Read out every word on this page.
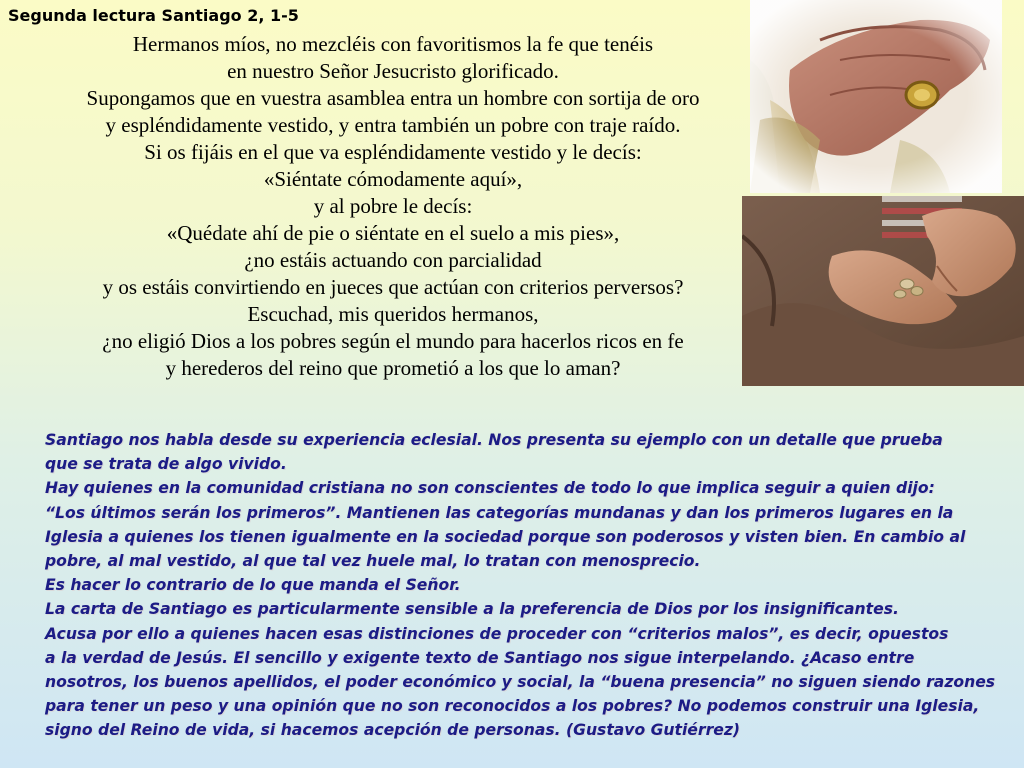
Segunda lectura Santiago 2, 1-5
Hermanos míos, no mezcléis con favoritismos la fe que tenéis
en nuestro Señor Jesucristo glorificado.
Supongamos que en vuestra asamblea entra un hombre con sortija de oro
y espléndidamente vestido, y entra también un pobre con traje raído.
Si os fijáis en el que va espléndidamente vestido y le decís:
«Siéntate cómodamente aquí»,
y al pobre le decís:
«Quédate ahí de pie o siéntate en el suelo a mis pies»,
¿no estáis actuando con parcialidad
y os estáis convirtiendo en jueces que actúan con criterios perversos?
Escuchad, mis queridos hermanos,
¿no eligió Dios a los pobres según el mundo para hacerlos ricos en fe
y herederos del reino que prometió a los que lo aman?
Santiago nos habla desde su experiencia eclesial. Nos presenta su ejemplo con un detalle que prueba
que se trata de algo vivido.
Hay quienes en la comunidad cristiana no son conscientes de todo lo que implica seguir a quien dijo:
“Los últimos serán los primeros”. Mantienen las categorías mundanas y dan los primeros lugares en la
Iglesia a quienes los tienen igualmente en la sociedad porque son poderosos y visten bien. En cambio al
pobre, al mal vestido, al que tal vez huele mal, lo tratan con menosprecio.
Es hacer lo contrario de lo que manda el Señor.
La carta de Santiago es particularmente sensible a la preferencia de Dios por los insignificantes.
Acusa por ello a quienes hacen esas distinciones de proceder con “criterios malos”, es decir, opuestos
a la verdad de Jesús. El sencillo y exigente texto de Santiago nos sigue interpelando. ¿Acaso entre
nosotros, los buenos apellidos, el poder económico y social, la “buena presencia” no siguen siendo razones
para tener un peso y una opinión que no son reconocidos a los pobres? No podemos construir una Iglesia,
signo del Reino de vida, si hacemos acepción de personas. (Gustavo Gutiérrez)
